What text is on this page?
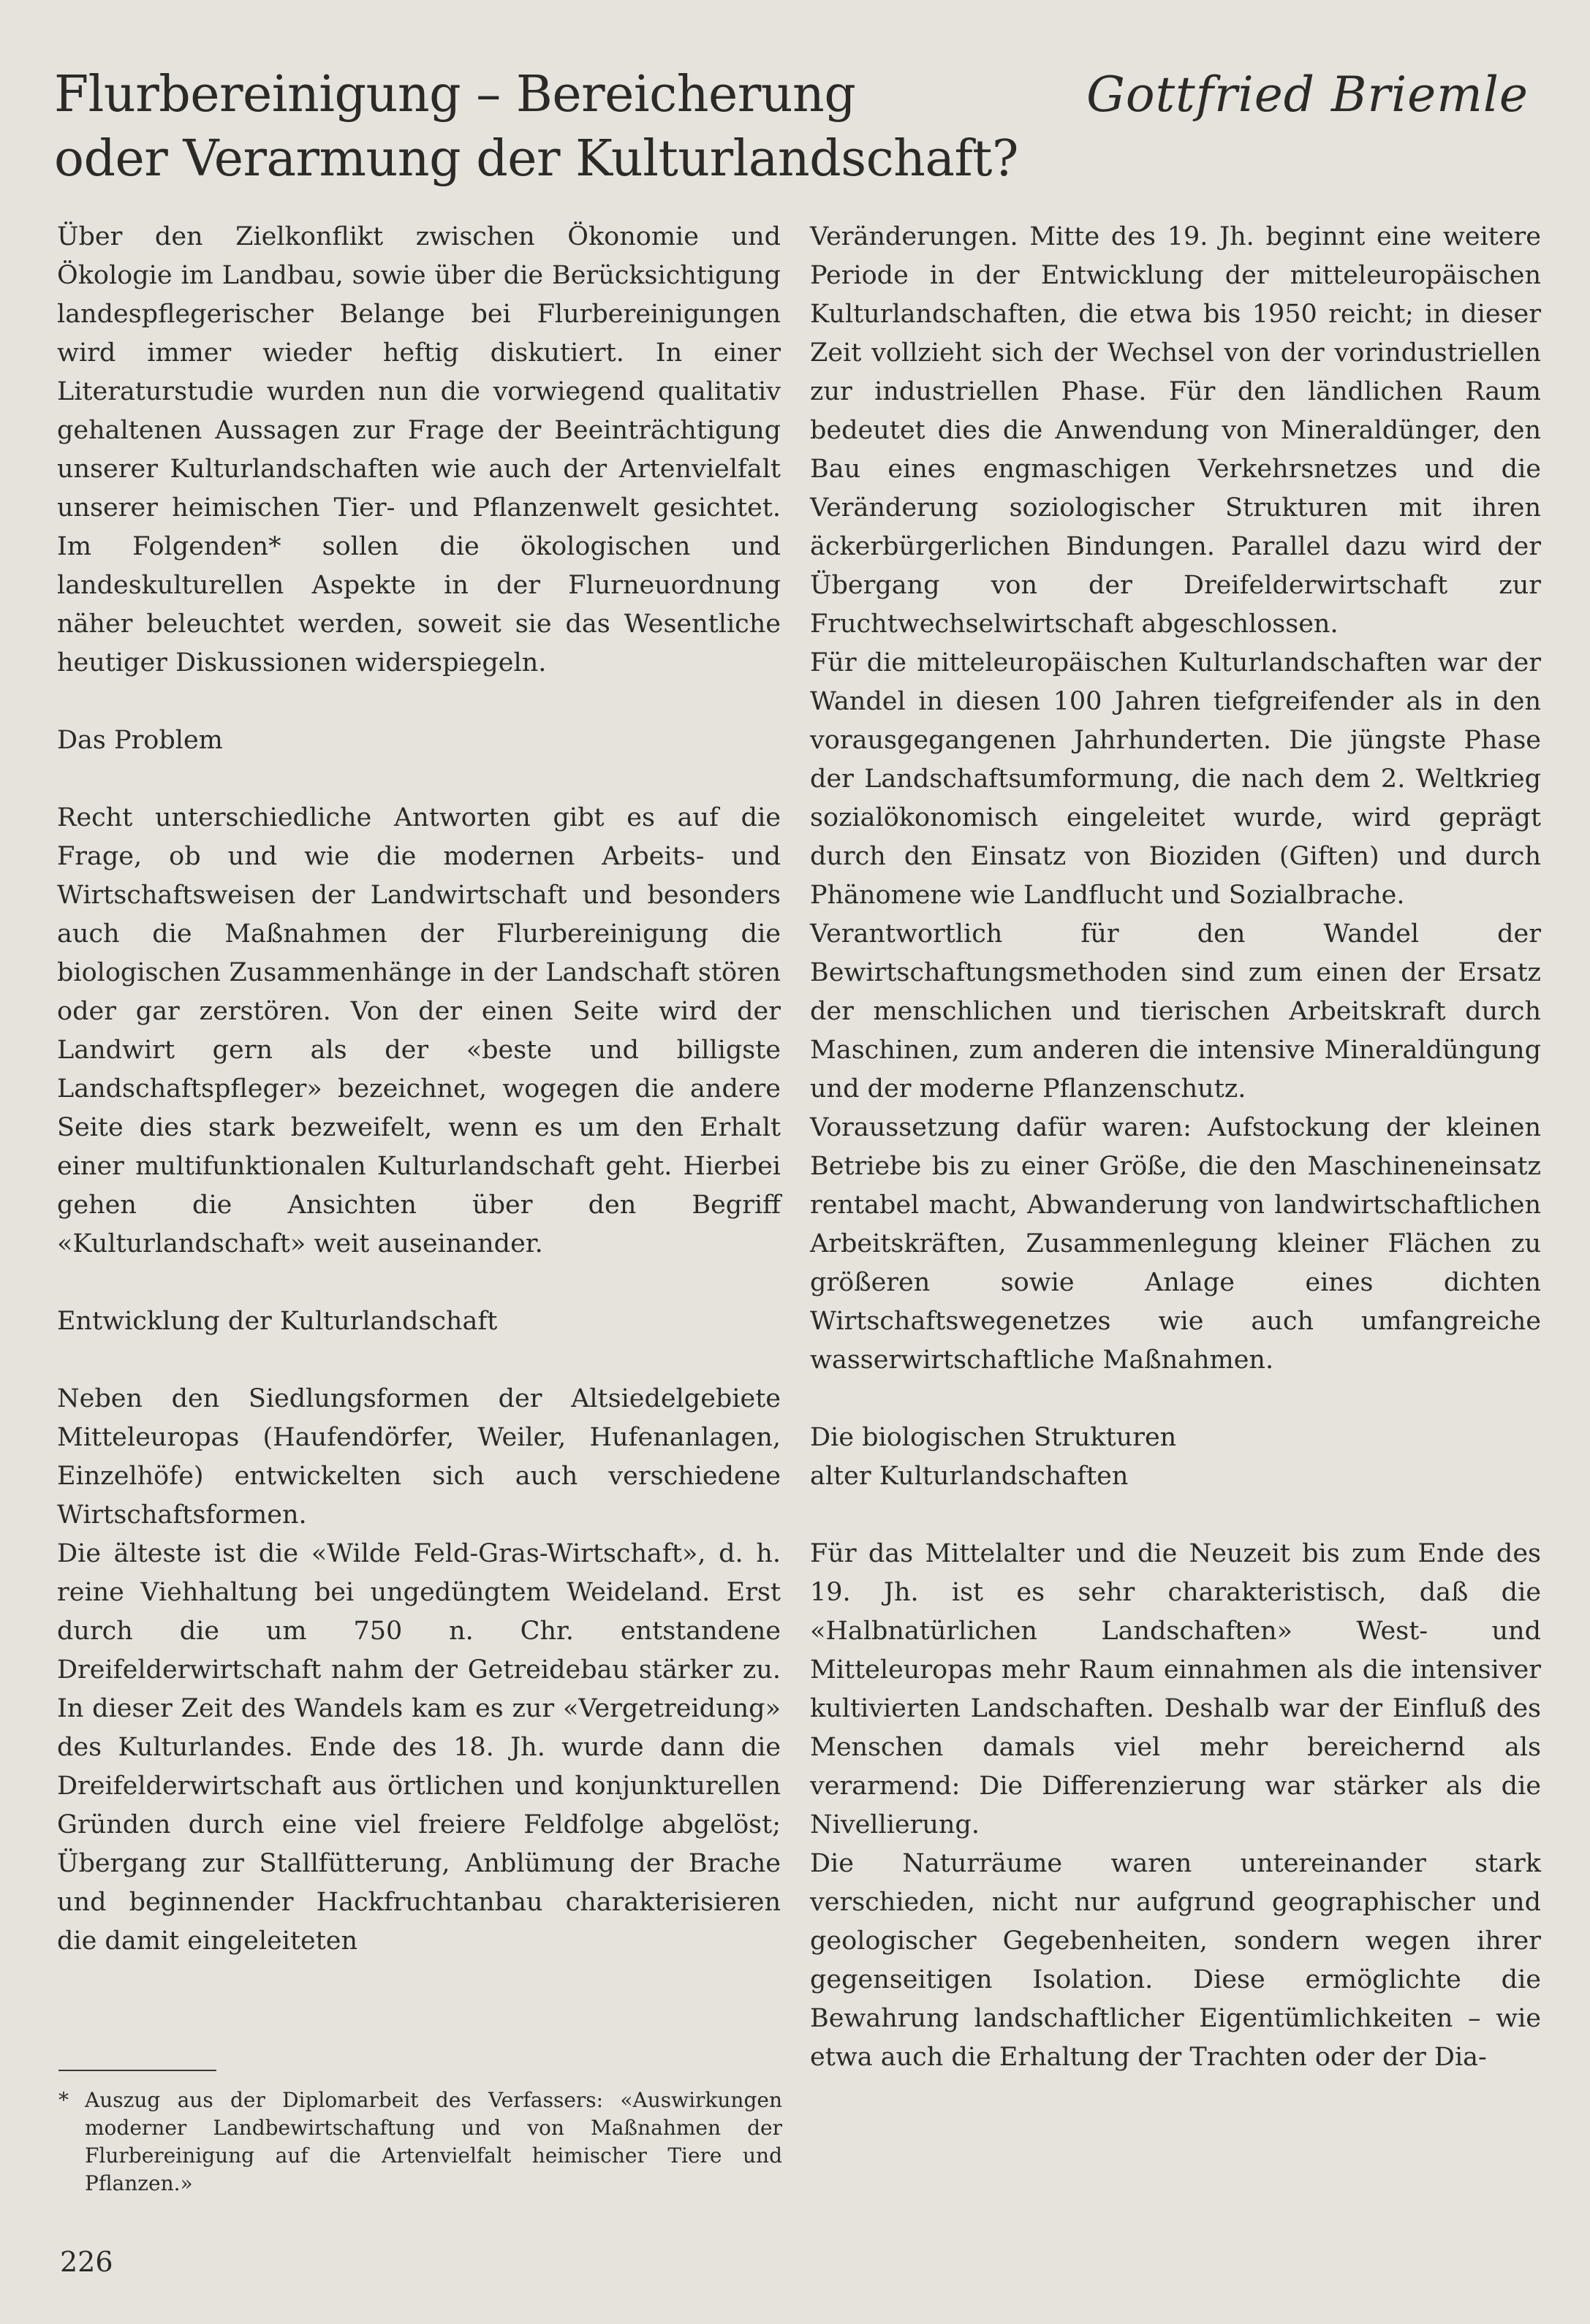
Flurbereinigung – Bereicherung
oder Verarmung der Kulturlandschaft?
Gottfried Briemle

Über den Zielkonflikt zwischen Ökonomie und Ökologie im Landbau, sowie über die Berücksichtigung landespflegerischer Belange bei Flurbereinigungen wird immer wieder heftig diskutiert. In einer Literaturstudie wurden nun die vorwiegend qualitativ gehaltenen Aussagen zur Frage der Beeinträchtigung unserer Kulturlandschaften wie auch der Artenvielfalt unserer heimischen Tier- und Pflanzenwelt gesichtet. Im Folgenden* sollen die ökologischen und landeskulturellen Aspekte in der Flurneuordnung näher beleuchtet werden, soweit sie das Wesentliche heutiger Diskussionen widerspiegeln.

Das Problem

Recht unterschiedliche Antworten gibt es auf die Frage, ob und wie die modernen Arbeits- und Wirtschaftsweisen der Landwirtschaft und besonders auch die Maßnahmen der Flurbereinigung die biologischen Zusammenhänge in der Landschaft stören oder gar zerstören. Von der einen Seite wird der Landwirt gern als der «beste und billigste Landschaftspfleger» bezeichnet, wogegen die andere Seite dies stark bezweifelt, wenn es um den Erhalt einer multifunktionalen Kulturlandschaft geht. Hierbei gehen die Ansichten über den Begriff «Kulturlandschaft» weit auseinander.

Entwicklung der Kulturlandschaft

Neben den Siedlungsformen der Altsiedelgebiete Mitteleuropas (Haufendörfer, Weiler, Hufenanlagen, Einzelhöfe) entwickelten sich auch verschiedene Wirtschaftsformen.

Die älteste ist die «Wilde Feld-Gras-Wirtschaft», d. h. reine Viehhaltung bei ungedüngtem Weideland. Erst durch die um 750 n. Chr. entstandene Dreifelderwirtschaft nahm der Getreidebau stärker zu. In dieser Zeit des Wandels kam es zur «Vergetreidung» des Kulturlandes. Ende des 18. Jh. wurde dann die Dreifelderwirtschaft aus örtlichen und konjunkturellen Gründen durch eine viel freiere Feldfolge abgelöst; Übergang zur Stallfütterung, Anblümung der Brache und beginnender Hackfruchtanbau charakterisieren die damit eingeleiteten

Veränderungen. Mitte des 19. Jh. beginnt eine weitere Periode in der Entwicklung der mitteleuropäischen Kulturlandschaften, die etwa bis 1950 reicht; in dieser Zeit vollzieht sich der Wechsel von der vorindustriellen zur industriellen Phase. Für den ländlichen Raum bedeutet dies die Anwendung von Mineraldünger, den Bau eines engmaschigen Verkehrsnetzes und die Veränderung soziologischer Strukturen mit ihren äckerbürgerlichen Bindungen. Parallel dazu wird der Übergang von der Dreifelderwirtschaft zur Fruchtwechselwirtschaft abgeschlossen.

Für die mitteleuropäischen Kulturlandschaften war der Wandel in diesen 100 Jahren tiefgreifender als in den vorausgegangenen Jahrhunderten. Die jüngste Phase der Landschaftsumformung, die nach dem 2. Weltkrieg sozialökonomisch eingeleitet wurde, wird geprägt durch den Einsatz von Bioziden (Giften) und durch Phänomene wie Landflucht und Sozialbrache.

Verantwortlich für den Wandel der Bewirtschaftungsmethoden sind zum einen der Ersatz der menschlichen und tierischen Arbeitskraft durch Maschinen, zum anderen die intensive Mineraldüngung und der moderne Pflanzenschutz.

Voraussetzung dafür waren: Aufstockung der kleinen Betriebe bis zu einer Größe, die den Maschineneinsatz rentabel macht, Abwanderung von landwirtschaftlichen Arbeitskräften, Zusammenlegung kleiner Flächen zu größeren sowie Anlage eines dichten Wirtschaftswegenetzes wie auch umfangreiche wasserwirtschaftliche Maßnahmen.

Die biologischen Strukturen
alter Kulturlandschaften

Für das Mittelalter und die Neuzeit bis zum Ende des 19. Jh. ist es sehr charakteristisch, daß die «Halbnatürlichen Landschaften» West- und Mitteleuropas mehr Raum einnahmen als die intensiver kultivierten Landschaften. Deshalb war der Einfluß des Menschen damals viel mehr bereichernd als verarmend: Die Differenzierung war stärker als die Nivellierung.

Die Naturräume waren untereinander stark verschieden, nicht nur aufgrund geographischer und geologischer Gegebenheiten, sondern wegen ihrer gegenseitigen Isolation. Diese ermöglichte die Bewahrung landschaftlicher Eigentümlichkeiten – wie etwa auch die Erhaltung der Trachten oder der Dia-

* Auszug aus der Diplomarbeit des Verfassers: «Auswirkungen moderner Landbewirtschaftung und von Maßnahmen der Flurbereinigung auf die Artenvielfalt heimischer Tiere und Pflanzen.»
226
